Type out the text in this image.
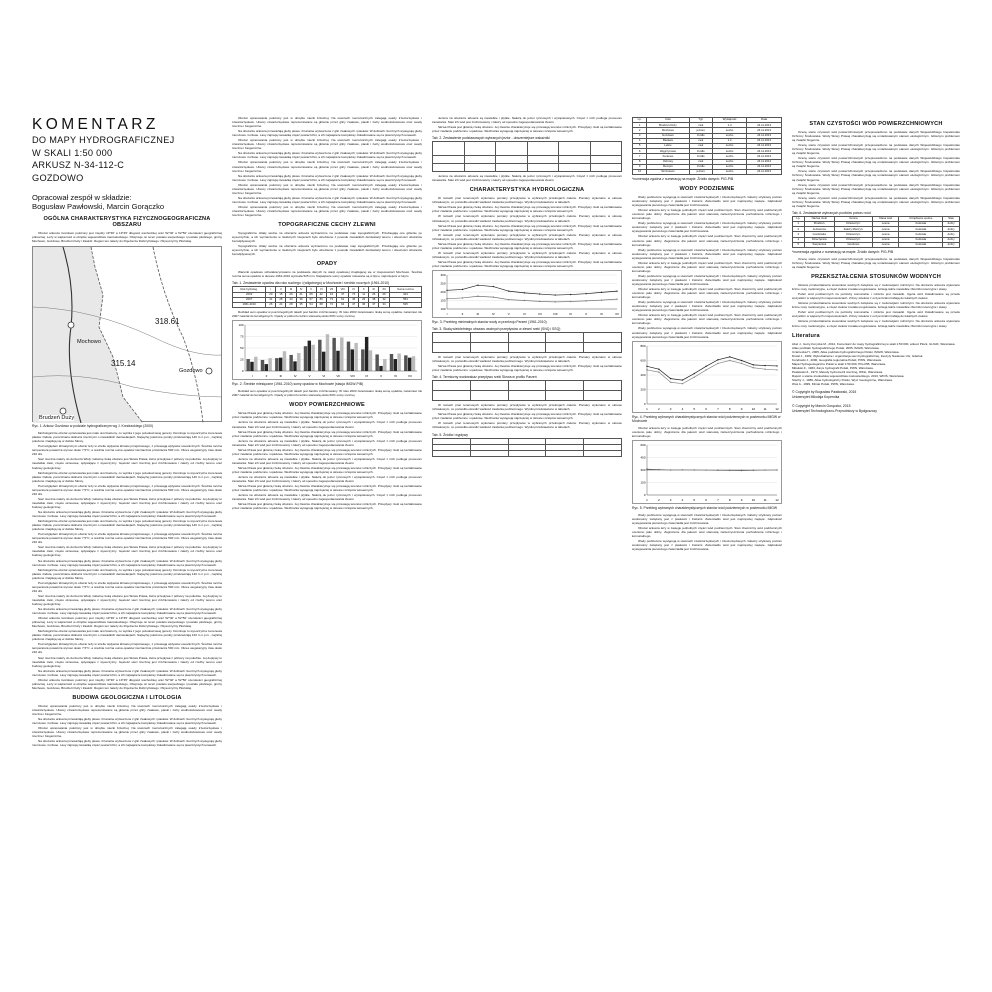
KOMENTARZ
DO MAPY HYDROGRAFICZNEJ
W SKALI 1:50 000
ARKUSZ N-34-112-C
GOZDOWO
Opracował zespół w składzie:
Bogusław Pawłowski, Marcin Gorączko
OGÓLNA CHARAKTERYSTYKA FIZYCZNOGEOGRAFICZNA OBSZARU

Obszar arkusza Gozdowo położony jest między 19°30' a 19°45' długości wschodniej oraz 52°40' a 52°50' szerokości geograficznej północnej. Leży w większości w obrębie województwa mazowieckiego. Obejmuje on teren powiatu sierpeckiego i powiatu płockiego, gminy Mochowo, Gozdowo, Brudzeń Duży i Zawidz. Region ten należy do Pojezierza Dobrzyńskiego i Wysoczyzny Płońskiej.

318.61
315.14
Mochowo
Gozdowo
Brudzeń Duży
Ryc. 1. Arkusz Gozdowo w podziale hydrograficznym wg J. Kondrackiego (2000)

Morfologicznie obszar opracowania jest mało urozmaicony, co wynika z jego polodowcowej genezy. Dominuje tu wysoczyzna morenowa płaska i falista, porozcinana dolinami rzecznymi o niewielkich deniwelacjach. Najwyżej położone punkty przekraczają 140 m n.p.m., najniżej położone znajdują się w dolinie Skrwy.

Pod względem klimatycznym obszar leży w strefie wpływów klimatu przejściowego, z przewagą wpływów oceanicznych. Średnia roczna temperatura powietrza wynosi około 7,5°C, a średnia roczna suma opadów nieznacznie przekracza 500 mm. Okres wegetacyjny trwa około 210 dni.

Sieć rzeczna należy do dorzecza Wisły. Główną rzeką obszaru jest Skrwa Prawa, która przepływa z północy na południe. Jej dopływy to niewielkie cieki, często okresowe, spływające z wysoczyzny. Gęstość sieci rzecznej jest zróżnicowana i zależy od rzeźby terenu oraz budowy geologicznej.

Morfologicznie obszar opracowania jest mało urozmaicony, co wynika z jego polodowcowej genezy. Dominuje tu wysoczyzna morenowa płaska i falista, porozcinana dolinami rzecznymi o niewielkich deniwelacjach. Najwyżej położone punkty przekraczają 140 m n.p.m., najniżej położone znajdują się w dolinie Skrwy.

Pod względem klimatycznym obszar leży w strefie wpływów klimatu przejściowego, z przewagą wpływów oceanicznych. Średnia roczna temperatura powietrza wynosi około 7,5°C, a średnia roczna suma opadów nieznacznie przekracza 500 mm. Okres wegetacyjny trwa około 210 dni.

Sieć rzeczna należy do dorzecza Wisły. Główną rzeką obszaru jest Skrwa Prawa, która przepływa z północy na południe. Jej dopływy to niewielkie cieki, często okresowe, spływające z wysoczyzny. Gęstość sieci rzecznej jest zróżnicowana i zależy od rzeźby terenu oraz budowy geologicznej.

Na obszarze arkusza przeważają gleby płowe i brunatne wytworzone z glin zwałowych i piasków. W dolinach rzecznych występują gleby murszowe i torfowe. Lasy zajmują niewielką część powierzchni, a ich największe kompleksy zlokalizowane są na piaszczystych terasach.

Morfologicznie obszar opracowania jest mało urozmaicony, co wynika z jego polodowcowej genezy. Dominuje tu wysoczyzna morenowa płaska i falista, porozcinana dolinami rzecznymi o niewielkich deniwelacjach. Najwyżej położone punkty przekraczają 140 m n.p.m., najniżej położone znajdują się w dolinie Skrwy.

Pod względem klimatycznym obszar leży w strefie wpływów klimatu przejściowego, z przewagą wpływów oceanicznych. Średnia roczna temperatura powietrza wynosi około 7,5°C, a średnia roczna suma opadów nieznacznie przekracza 500 mm. Okres wegetacyjny trwa około 210 dni.

Sieć rzeczna należy do dorzecza Wisły. Główną rzeką obszaru jest Skrwa Prawa, która przepływa z północy na południe. Jej dopływy to niewielkie cieki, często okresowe, spływające z wysoczyzny. Gęstość sieci rzecznej jest zróżnicowana i zależy od rzeźby terenu oraz budowy geologicznej.

Na obszarze arkusza przeważają gleby płowe i brunatne wytworzone z glin zwałowych i piasków. W dolinach rzecznych występują gleby murszowe i torfowe. Lasy zajmują niewielką część powierzchni, a ich największe kompleksy zlokalizowane są na piaszczystych terasach.

Morfologicznie obszar opracowania jest mało urozmaicony, co wynika z jego polodowcowej genezy. Dominuje tu wysoczyzna morenowa płaska i falista, porozcinana dolinami rzecznymi o niewielkich deniwelacjach. Najwyżej położone punkty przekraczają 140 m n.p.m., najniżej położone znajdują się w dolinie Skrwy.

Pod względem klimatycznym obszar leży w strefie wpływów klimatu przejściowego, z przewagą wpływów oceanicznych. Średnia roczna temperatura powietrza wynosi około 7,5°C, a średnia roczna suma opadów nieznacznie przekracza 500 mm. Okres wegetacyjny trwa około 210 dni.

Sieć rzeczna należy do dorzecza Wisły. Główną rzeką obszaru jest Skrwa Prawa, która przepływa z północy na południe. Jej dopływy to niewielkie cieki, często okresowe, spływające z wysoczyzny. Gęstość sieci rzecznej jest zróżnicowana i zależy od rzeźby terenu oraz budowy geologicznej.

Na obszarze arkusza przeważają gleby płowe i brunatne wytworzone z glin zwałowych i piasków. W dolinach rzecznych występują gleby murszowe i torfowe. Lasy zajmują niewielką część powierzchni, a ich największe kompleksy zlokalizowane są na piaszczystych terasach.

Obszar arkusza Gozdowo położony jest między 19°30' a 19°45' długości wschodniej oraz 52°40' a 52°50' szerokości geograficznej północnej. Leży w większości w obrębie województwa mazowieckiego. Obejmuje on teren powiatu sierpeckiego i powiatu płockiego, gminy Mochowo, Gozdowo, Brudzeń Duży i Zawidz. Region ten należy do Pojezierza Dobrzyńskiego i Wysoczyzny Płońskiej.

Morfologicznie obszar opracowania jest mało urozmaicony, co wynika z jego polodowcowej genezy. Dominuje tu wysoczyzna morenowa płaska i falista, porozcinana dolinami rzecznymi o niewielkich deniwelacjach. Najwyżej położone punkty przekraczają 140 m n.p.m., najniżej położone znajdują się w dolinie Skrwy.

Pod względem klimatycznym obszar leży w strefie wpływów klimatu przejściowego, z przewagą wpływów oceanicznych. Średnia roczna temperatura powietrza wynosi około 7,5°C, a średnia roczna suma opadów nieznacznie przekracza 500 mm. Okres wegetacyjny trwa około 210 dni.

Sieć rzeczna należy do dorzecza Wisły. Główną rzeką obszaru jest Skrwa Prawa, która przepływa z północy na południe. Jej dopływy to niewielkie cieki, często okresowe, spływające z wysoczyzny. Gęstość sieci rzecznej jest zróżnicowana i zależy od rzeźby terenu oraz budowy geologicznej.

Na obszarze arkusza przeważają gleby płowe i brunatne wytworzone z glin zwałowych i piasków. W dolinach rzecznych występują gleby murszowe i torfowe. Lasy zajmują niewielką część powierzchni, a ich największe kompleksy zlokalizowane są na piaszczystych terasach.

Obszar arkusza Gozdowo położony jest między 19°30' a 19°45' długości wschodniej oraz 52°40' a 52°50' szerokości geograficznej północnej. Leży w większości w obrębie województwa mazowieckiego. Obejmuje on teren powiatu sierpeckiego i powiatu płockiego, gminy Mochowo, Gozdowo, Brudzeń Duży i Zawidz. Region ten należy do Pojezierza Dobrzyńskiego i Wysoczyzny Płońskiej.

BUDOWA GEOLOGICZNA I LITOLOGIA

Obszar opracowania położony jest w obrębie niecki brzeżnej. Na utworach mezozoicznych zalegają osady trzeciorzędowe i czwartorzędowe. Utwory czwartorzędowe reprezentowane są głównie przez gliny zwałowe, piaski i żwiry wodnolodowcowe oraz osady rzeczne i biogeniczne.

Na obszarze arkusza przeważają gleby płowe i brunatne wytworzone z glin zwałowych i piasków. W dolinach rzecznych występują gleby murszowe i torfowe. Lasy zajmują niewielką część powierzchni, a ich największe kompleksy zlokalizowane są na piaszczystych terasach.

Obszar opracowania położony jest w obrębie niecki brzeżnej. Na utworach mezozoicznych zalegają osady trzeciorzędowe i czwartorzędowe. Utwory czwartorzędowe reprezentowane są głównie przez gliny zwałowe, piaski i żwiry wodnolodowcowe oraz osady rzeczne i biogeniczne.

Na obszarze arkusza przeważają gleby płowe i brunatne wytworzone z glin zwałowych i piasków. W dolinach rzecznych występują gleby murszowe i torfowe. Lasy zajmują niewielką część powierzchni, a ich największe kompleksy zlokalizowane są na piaszczystych terasach.

Obszar opracowania położony jest w obrębie niecki brzeżnej. Na utworach mezozoicznych zalegają osady trzeciorzędowe i czwartorzędowe. Utwory czwartorzędowe reprezentowane są głównie przez gliny zwałowe, piaski i żwiry wodnolodowcowe oraz osady rzeczne i biogeniczne.

Na obszarze arkusza przeważają gleby płowe i brunatne wytworzone z glin zwałowych i piasków. W dolinach rzecznych występują gleby murszowe i torfowe. Lasy zajmują niewielką część powierzchni, a ich największe kompleksy zlokalizowane są na piaszczystych terasach.

Obszar opracowania położony jest w obrębie niecki brzeżnej. Na utworach mezozoicznych zalegają osady trzeciorzędowe i czwartorzędowe. Utwory czwartorzędowe reprezentowane są głównie przez gliny zwałowe, piaski i żwiry wodnolodowcowe oraz osady rzeczne i biogeniczne.

Na obszarze arkusza przeważają gleby płowe i brunatne wytworzone z glin zwałowych i piasków. W dolinach rzecznych występują gleby murszowe i torfowe. Lasy zajmują niewielką część powierzchni, a ich największe kompleksy zlokalizowane są na piaszczystych terasach.

Obszar opracowania położony jest w obrębie niecki brzeżnej. Na utworach mezozoicznych zalegają osady trzeciorzędowe i czwartorzędowe. Utwory czwartorzędowe reprezentowane są głównie przez gliny zwałowe, piaski i żwiry wodnolodowcowe oraz osady rzeczne i biogeniczne.

Na obszarze arkusza przeważają gleby płowe i brunatne wytworzone z glin zwałowych i piasków. W dolinach rzecznych występują gleby murszowe i torfowe. Lasy zajmują niewielką część powierzchni, a ich największe kompleksy zlokalizowane są na piaszczystych terasach.

Obszar opracowania położony jest w obrębie niecki brzeżnej. Na utworach mezozoicznych zalegają osady trzeciorzędowe i czwartorzędowe. Utwory czwartorzędowe reprezentowane są głównie przez gliny zwałowe, piaski i żwiry wodnolodowcowe oraz osady rzeczne i biogeniczne.

Na obszarze arkusza przeważają gleby płowe i brunatne wytworzone z glin zwałowych i piasków. W dolinach rzecznych występują gleby murszowe i torfowe. Lasy zajmują niewielką część powierzchni, a ich największe kompleksy zlokalizowane są na piaszczystych terasach.

Obszar opracowania położony jest w obrębie niecki brzeżnej. Na utworach mezozoicznych zalegają osady trzeciorzędowe i czwartorzędowe. Utwory czwartorzędowe reprezentowane są głównie przez gliny zwałowe, piaski i żwiry wodnolodowcowe oraz osady rzeczne i biogeniczne.

TOPOGRAFICZNE CECHY ZLEWNI

Topograficzne działy wodne na obszarze arkusza wyznaczono na podstawie map topograficznych. Przebiegają one głównie po wysoczyźnie, a ich wyznaczenie w niektórych miejscach było utrudnione z powodu niewielkich deniwelacji terenu i obecności obszarów bezodpływowych.

Topograficzne działy wodne na obszarze arkusza wyznaczono na podstawie map topograficznych. Przebiegają one głównie po wysoczyźnie, a ich wyznaczenie w niektórych miejscach było utrudnione z powodu niewielkich deniwelacji terenu i obecności obszarów bezodpływowych.

OPADY

Warunki opadowe scharakteryzowano na podstawie danych ze stacji opadowej znajdującej się w miejscowości Mochowo. Średnia roczna suma opadów w okresie 1961-2010 wyniosła 525 mm. Największe sumy opadów notowane są w lipcu, najmniejsze w lutym.

Tab. 1. Zestawienie opadów dla roku suchego i (wilgotnego) w Mochowie i średnio rocznych (1961-2010)
Rok hydrolog.	I	II	III	IV	V	VI	VII	VIII	IX	X	XI	XII	Suma roczna
2003	20	15	29	21	66	42	44	47	74	11	26	29	424
2007	31	28	43	39	57	80	73	61	45	26	38	32	553
1961-2010	26	24	28	35	54	68	72	64	47	36	37	34	525

Rozkład sum opadów w poszczególnych latach jest bardzo zróżnicowany. W roku 2003 zanotowano niską sumę opadów, natomiast rok 2007 należał do lat wilgotnych. Opady w półroczu letnim stanowią około 60% sumy rocznej.

0
25
50
75
100
I	II	III	IV	V	VI	VII	VIII	IX	X	XI	XII
Ryc. 2. Średnie miesięczne (1961-2010) sumy opadów w Mochowie (stacja IMGW-PIB)

Rozkład sum opadów w poszczególnych latach jest bardzo zróżnicowany. W roku 2003 zanotowano niską sumę opadów, natomiast rok 2007 należał do lat wilgotnych. Opady w półroczu letnim stanowią około 60% sumy rocznej.

WODY POWIERZCHNIOWE

Skrwa Prawa jest główną rzeką obszaru. Jej zlewnia charakteryzuje się przewagą terenów rolniczych. Przepływy rzeki są kształtowane przez zasilanie podziemne i opadowe. Wezbrania występują najczęściej w okresie roztopów wiosennych.

Jeziora na obszarze arkusza są niewielkie i płytkie. Należą do jezior rynnowych i wytopiskowych. Część z nich podlega procesom zarastania. Stan ich wód jest zróżnicowany i zależy od sposobu zagospodarowania zlewni.

Skrwa Prawa jest główną rzeką obszaru. Jej zlewnia charakteryzuje się przewagą terenów rolniczych. Przepływy rzeki są kształtowane przez zasilanie podziemne i opadowe. Wezbrania występują najczęściej w okresie roztopów wiosennych.

Jeziora na obszarze arkusza są niewielkie i płytkie. Należą do jezior rynnowych i wytopiskowych. Część z nich podlega procesom zarastania. Stan ich wód jest zróżnicowany i zależy od sposobu zagospodarowania zlewni.

Skrwa Prawa jest główną rzeką obszaru. Jej zlewnia charakteryzuje się przewagą terenów rolniczych. Przepływy rzeki są kształtowane przez zasilanie podziemne i opadowe. Wezbrania występują najczęściej w okresie roztopów wiosennych.

Jeziora na obszarze arkusza są niewielkie i płytkie. Należą do jezior rynnowych i wytopiskowych. Część z nich podlega procesom zarastania. Stan ich wód jest zróżnicowany i zależy od sposobu zagospodarowania zlewni.

Skrwa Prawa jest główną rzeką obszaru. Jej zlewnia charakteryzuje się przewagą terenów rolniczych. Przepływy rzeki są kształtowane przez zasilanie podziemne i opadowe. Wezbrania występują najczęściej w okresie roztopów wiosennych.

Jeziora na obszarze arkusza są niewielkie i płytkie. Należą do jezior rynnowych i wytopiskowych. Część z nich podlega procesom zarastania. Stan ich wód jest zróżnicowany i zależy od sposobu zagospodarowania zlewni.

Skrwa Prawa jest główną rzeką obszaru. Jej zlewnia charakteryzuje się przewagą terenów rolniczych. Przepływy rzeki są kształtowane przez zasilanie podziemne i opadowe. Wezbrania występują najczęściej w okresie roztopów wiosennych.

Jeziora na obszarze arkusza są niewielkie i płytkie. Należą do jezior rynnowych i wytopiskowych. Część z nich podlega procesom zarastania. Stan ich wód jest zróżnicowany i zależy od sposobu zagospodarowania zlewni.

Skrwa Prawa jest główną rzeką obszaru. Jej zlewnia charakteryzuje się przewagą terenów rolniczych. Przepływy rzeki są kształtowane przez zasilanie podziemne i opadowe. Wezbrania występują najczęściej w okresie roztopów wiosennych.

Jeziora na obszarze arkusza są niewielkie i płytkie. Należą do jezior rynnowych i wytopiskowych. Część z nich podlega procesom zarastania. Stan ich wód jest zróżnicowany i zależy od sposobu zagospodarowania zlewni.

Skrwa Prawa jest główną rzeką obszaru. Jej zlewnia charakteryzuje się przewagą terenów rolniczych. Przepływy rzeki są kształtowane przez zasilanie podziemne i opadowe. Wezbrania występują najczęściej w okresie roztopów wiosennych.

Tab. 2. Zestawienie podstawowych wybranych jezior - obszerniejsze wskaźniki

Jeziora na obszarze arkusza są niewielkie i płytkie. Należą do jezior rynnowych i wytopiskowych. Część z nich podlega procesom zarastania. Stan ich wód jest zróżnicowany i zależy od sposobu zagospodarowania zlewni.

CHARAKTERYSTYKA HYDROLOGICZNA

W ramach prac terenowych wykonano pomiary przepływów w wybranych przekrojach cieków. Pomiary wykonano w okresie niżówkowym, co pozwoliło określić wielkość zasilania podziemnego. Wyniki przedstawiono w tabelach.

Skrwa Prawa jest główną rzeką obszaru. Jej zlewnia charakteryzuje się przewagą terenów rolniczych. Przepływy rzeki są kształtowane przez zasilanie podziemne i opadowe. Wezbrania występują najczęściej w okresie roztopów wiosennych.

W ramach prac terenowych wykonano pomiary przepływów w wybranych przekrojach cieków. Pomiary wykonano w okresie niżówkowym, co pozwoliło określić wielkość zasilania podziemnego. Wyniki przedstawiono w tabelach.

Skrwa Prawa jest główną rzeką obszaru. Jej zlewnia charakteryzuje się przewagą terenów rolniczych. Przepływy rzeki są kształtowane przez zasilanie podziemne i opadowe. Wezbrania występują najczęściej w okresie roztopów wiosennych.

W ramach prac terenowych wykonano pomiary przepływów w wybranych przekrojach cieków. Pomiary wykonano w okresie niżówkowym, co pozwoliło określić wielkość zasilania podziemnego. Wyniki przedstawiono w tabelach.

Skrwa Prawa jest główną rzeką obszaru. Jej zlewnia charakteryzuje się przewagą terenów rolniczych. Przepływy rzeki są kształtowane przez zasilanie podziemne i opadowe. Wezbrania występują najczęściej w okresie roztopów wiosennych.

W ramach prac terenowych wykonano pomiary przepływów w wybranych przekrojach cieków. Pomiary wykonano w okresie niżówkowym, co pozwoliło określić wielkość zasilania podziemnego. Wyniki przedstawiono w tabelach.

Skrwa Prawa jest główną rzeką obszaru. Jej zlewnia charakteryzuje się przewagą terenów rolniczych. Przepływy rzeki są kształtowane przez zasilanie podziemne i opadowe. Wezbrania występują najczęściej w okresie roztopów wiosennych.

100
150
200
250
300
I	II	III	IV	V	VI	VII	VIII	IX	X	XI	XII
Ryc. 3. Przebieg minimalnych stanów wody w przekroju Parzeń (1961-2010)
Tab. 3. Skalą wieloletniego obszaru wodnych przepływów w zlewni rzeki (SNQ i SSQ)

W ramach prac terenowych wykonano pomiary przepływów w wybranych przekrojach cieków. Pomiary wykonano w okresie niżówkowym, co pozwoliło określić wielkość zasilania podziemnego. Wyniki przedstawiono w tabelach.

Skrwa Prawa jest główną rzeką obszaru. Jej zlewnia charakteryzuje się przewagą terenów rolniczych. Przepływy rzeki są kształtowane przez zasilanie podziemne i opadowe. Wezbrania występują najczęściej w okresie roztopów wiosennych.

Tab. 4. Termiczny wodowskaz przepływu rzeki Skrwa w profilu Parzeń

W ramach prac terenowych wykonano pomiary przepływów w wybranych przekrojach cieków. Pomiary wykonano w okresie niżówkowym, co pozwoliło określić wielkość zasilania podziemnego. Wyniki przedstawiono w tabelach.

Skrwa Prawa jest główną rzeką obszaru. Jej zlewnia charakteryzuje się przewagą terenów rolniczych. Przepływy rzeki są kształtowane przez zasilanie podziemne i opadowe. Wezbrania występują najczęściej w okresie roztopów wiosennych.

W ramach prac terenowych wykonano pomiary przepływów w wybranych przekrojach cieków. Pomiary wykonano w okresie niżówkowym, co pozwoliło określić wielkość zasilania podziemnego. Wyniki przedstawiono w tabelach.

Tab. 5. Źródła i wypływy

Lp.	Ciek	Typ	Wydajność	Data
1	Brudzeń Duży	ciek	1.4	24.11.2013
2	Mochowo	jezioro	sucho	24.11.2013
3	Gozdowo	źródło	sucho	24.11.2013
4	Bielawa	ciek	1.2	24.11.2013
5	Lelice	ciek	sucho	24.11.2013
6	Węgrzynowo	źródło	sucho	24.11.2013
7	Kuniewo	źródło	sucho	24.11.2013
8	Ostrowy	ciek	sucho	24.11.2013
9	Rempin	źródło	sucho	24.11.2013
10	Szczutowo	jezioro	sucho	24.11.2013
*numeracja zgodna z numeracją na mapie. Źródło danych: PIG-PIB
WODY PODZIEMNE

Wody podziemne występują w utworach czwartorzędowych i trzeciorzędowych. Główny użytkowy poziom wodonośny związany jest z piaskami i żwirami. Zwierciadło wód jest najczęściej napięte. Głębokość występowania pierwszego zwierciadła jest zróżnicowana.

Obszar arkusza leży w zasięgu jednolitych części wód podziemnych. Stan chemiczny wód podziemnych oceniono jako dobry. Zagrożenie dla jakości wód stanowią zanieczyszczenia pochodzenia rolniczego i komunalnego.

Wody podziemne występują w utworach czwartorzędowych i trzeciorzędowych. Główny użytkowy poziom wodonośny związany jest z piaskami i żwirami. Zwierciadło wód jest najczęściej napięte. Głębokość występowania pierwszego zwierciadła jest zróżnicowana.

Obszar arkusza leży w zasięgu jednolitych części wód podziemnych. Stan chemiczny wód podziemnych oceniono jako dobry. Zagrożenie dla jakości wód stanowią zanieczyszczenia pochodzenia rolniczego i komunalnego.

Wody podziemne występują w utworach czwartorzędowych i trzeciorzędowych. Główny użytkowy poziom wodonośny związany jest z piaskami i żwirami. Zwierciadło wód jest najczęściej napięte. Głębokość występowania pierwszego zwierciadła jest zróżnicowana.

Obszar arkusza leży w zasięgu jednolitych części wód podziemnych. Stan chemiczny wód podziemnych oceniono jako dobry. Zagrożenie dla jakości wód stanowią zanieczyszczenia pochodzenia rolniczego i komunalnego.

Wody podziemne występują w utworach czwartorzędowych i trzeciorzędowych. Główny użytkowy poziom wodonośny związany jest z piaskami i żwirami. Zwierciadło wód jest najczęściej napięte. Głębokość występowania pierwszego zwierciadła jest zróżnicowana.

Obszar arkusza leży w zasięgu jednolitych części wód podziemnych. Stan chemiczny wód podziemnych oceniono jako dobry. Zagrożenie dla jakości wód stanowią zanieczyszczenia pochodzenia rolniczego i komunalnego.

Wody podziemne występują w utworach czwartorzędowych i trzeciorzędowych. Główny użytkowy poziom wodonośny związany jest z piaskami i żwirami. Zwierciadło wód jest najczęściej napięte. Głębokość występowania pierwszego zwierciadła jest zróżnicowana.

Obszar arkusza leży w zasięgu jednolitych części wód podziemnych. Stan chemiczny wód podziemnych oceniono jako dobry. Zagrożenie dla jakości wód stanowią zanieczyszczenia pochodzenia rolniczego i komunalnego.

Wody podziemne występują w utworach czwartorzędowych i trzeciorzędowych. Główny użytkowy poziom wodonośny związany jest z piaskami i żwirami. Zwierciadło wód jest najczęściej napięte. Głębokość występowania pierwszego zwierciadła jest zróżnicowana.

0
200
400
600
800
1	2	3	4	5	6	7	8	9	10	11	12
Ryc. 4. Przebieg wybranych charakterystycznych stanów wód podziemnych w posterunku IMGW w Mochowie

Obszar arkusza leży w zasięgu jednolitych części wód podziemnych. Stan chemiczny wód podziemnych oceniono jako dobry. Zagrożenie dla jakości wód stanowią zanieczyszczenia pochodzenia rolniczego i komunalnego.

0
150
300
450
600
1	2	3	4	5	6	7	8	9	10	11	12
Ryc. 5. Przebieg wybranych charakterystycznych stanów wód podziemnych w posterunku IMGW

Wody podziemne występują w utworach czwartorzędowych i trzeciorzędowych. Główny użytkowy poziom wodonośny związany jest z piaskami i żwirami. Zwierciadło wód jest najczęściej napięte. Głębokość występowania pierwszego zwierciadła jest zróżnicowana.

Obszar arkusza leży w zasięgu jednolitych części wód podziemnych. Stan chemiczny wód podziemnych oceniono jako dobry. Zagrożenie dla jakości wód stanowią zanieczyszczenia pochodzenia rolniczego i komunalnego.

Wody podziemne występują w utworach czwartorzędowych i trzeciorzędowych. Główny użytkowy poziom wodonośny związany jest z piaskami i żwirami. Zwierciadło wód jest najczęściej napięte. Głębokość występowania pierwszego zwierciadła jest zróżnicowana.

STAN CZYSTOŚCI WÓD POWIERZCHNIOWYCH

Ocenę stanu czystości wód powierzchniowych przeprowadzono na podstawie danych Wojewódzkiego Inspektoratu Ochrony Środowiska. Wody Skrwy Prawej charakteryzują się umiarkowanym stanem ekologicznym. Głównym problemem są związki biogenne.

Ocenę stanu czystości wód powierzchniowych przeprowadzono na podstawie danych Wojewódzkiego Inspektoratu Ochrony Środowiska. Wody Skrwy Prawej charakteryzują się umiarkowanym stanem ekologicznym. Głównym problemem są związki biogenne.

Ocenę stanu czystości wód powierzchniowych przeprowadzono na podstawie danych Wojewódzkiego Inspektoratu Ochrony Środowiska. Wody Skrwy Prawej charakteryzują się umiarkowanym stanem ekologicznym. Głównym problemem są związki biogenne.

Ocenę stanu czystości wód powierzchniowych przeprowadzono na podstawie danych Wojewódzkiego Inspektoratu Ochrony Środowiska. Wody Skrwy Prawej charakteryzują się umiarkowanym stanem ekologicznym. Głównym problemem są związki biogenne.

Ocenę stanu czystości wód powierzchniowych przeprowadzono na podstawie danych Wojewódzkiego Inspektoratu Ochrony Środowiska. Wody Skrwy Prawej charakteryzują się umiarkowanym stanem ekologicznym. Głównym problemem są związki biogenne.

Ocenę stanu czystości wód powierzchniowych przeprowadzono na podstawie danych Wojewódzkiego Inspektoratu Ochrony Środowiska. Wody Skrwy Prawej charakteryzują się umiarkowanym stanem ekologicznym. Głównym problemem są związki biogenne.

Tab. 6. Zestawienie wybranych punktów poboru wód
Lp.	Nazwa rzeki	Gmina	Klasa wód	Urządzenie wodne	Stan
1	Brudzeń	Dziewczyń.	ocena	budowla	dobry
2	Jeżewnica	Zależy Mierzyń.	ocena	budowla	dobry
3	Gozdówka	Dziewczyń.	ocena	budowla	dobry
4	Dzierżęnica	Dziewczyń.	ocena	budowla	dobry
5	Sierpienica	Gozdowo	ocena	budowla	dobry
*numeracja zgodna z numeracją na mapie. Źródło danych: PIG-PIB

Ocenę stanu czystości wód powierzchniowych przeprowadzono na podstawie danych Wojewódzkiego Inspektoratu Ochrony Środowiska. Wody Skrwy Prawej charakteryzują się umiarkowanym stanem ekologicznym. Głównym problemem są związki biogenne.

PRZEKSZTAŁCENIA STOSUNKÓW WODNYCH

Główne przekształcenia stosunków wodnych związane są z melioracjami rolniczymi. Na obszarze arkusza wykonano liczne rowy melioracyjne, a część cieków została uregulowana. Istnieją także niewielkie zbiorniki retencyjne i stawy.

Pobór wód podziemnych na potrzeby komunalne i rolnicze jest niewielki. Ujęcia wód zlokalizowane są przede wszystkim w większych miejscowościach. Zrzuty ścieków z oczyszczalni trafiają do lokalnych cieków.

Główne przekształcenia stosunków wodnych związane są z melioracjami rolniczymi. Na obszarze arkusza wykonano liczne rowy melioracyjne, a część cieków została uregulowana. Istnieją także niewielkie zbiorniki retencyjne i stawy.

Pobór wód podziemnych na potrzeby komunalne i rolnicze jest niewielki. Ujęcia wód zlokalizowane są przede wszystkim w większych miejscowościach. Zrzuty ścieków z oczyszczalni trafiają do lokalnych cieków.

Główne przekształcenia stosunków wodnych związane są z melioracjami rolniczymi. Na obszarze arkusza wykonano liczne rowy melioracyjne, a część cieków została uregulowana. Istnieją także niewielkie zbiorniki retencyjne i stawy.

Literatura

Abel J., Gutry-Korycka M., 2012, Komentarz do mapy hydrograficznej w skali 1:50 000, arkusz Płock, GUGiK, Warszawa.

Atlas podziału hydrograficznego Polski, 2005, IMGW, Warszawa.

Czarnecka H., 2005, Atlas podziału hydrograficznego Polski, IMGW, Warszawa.

Drwal J., 1982, Wykształcenie i organizacja sieci hydrograficznej, Zeszyty Naukowe UG, Gdańsk.

Kondracki J., 2000, Geografia regionalna Polski, PWN, Warszawa.

Mapa Hydrogeologiczna Polski w skali 1:50 000, PIG-PIB, Warszawa.

Mikulski Z., 1963, Zarys hydrografii Polski, PWN, Warszawa.

Pasławski Z., 1973, Metody hydrometrii rzecznej, WKiŁ, Warszawa.

Raport o stanie środowiska województwa mazowieckiego, 2013, WIOŚ, Warszawa.

Stachý J., 1986, Atlas hydrologiczny Polski, Wyd. Geologiczne, Warszawa.

Woś A., 1999, Klimat Polski, PWN, Warszawa.

© Copyright by Bogusław Pawłowski, 2015
Uniwersytet Mikołaja Kopernika
© Copyright by Marcin Gorączko, 2015
Uniwersytet Technologiczno-Przyrodniczy w Bydgoszczy
